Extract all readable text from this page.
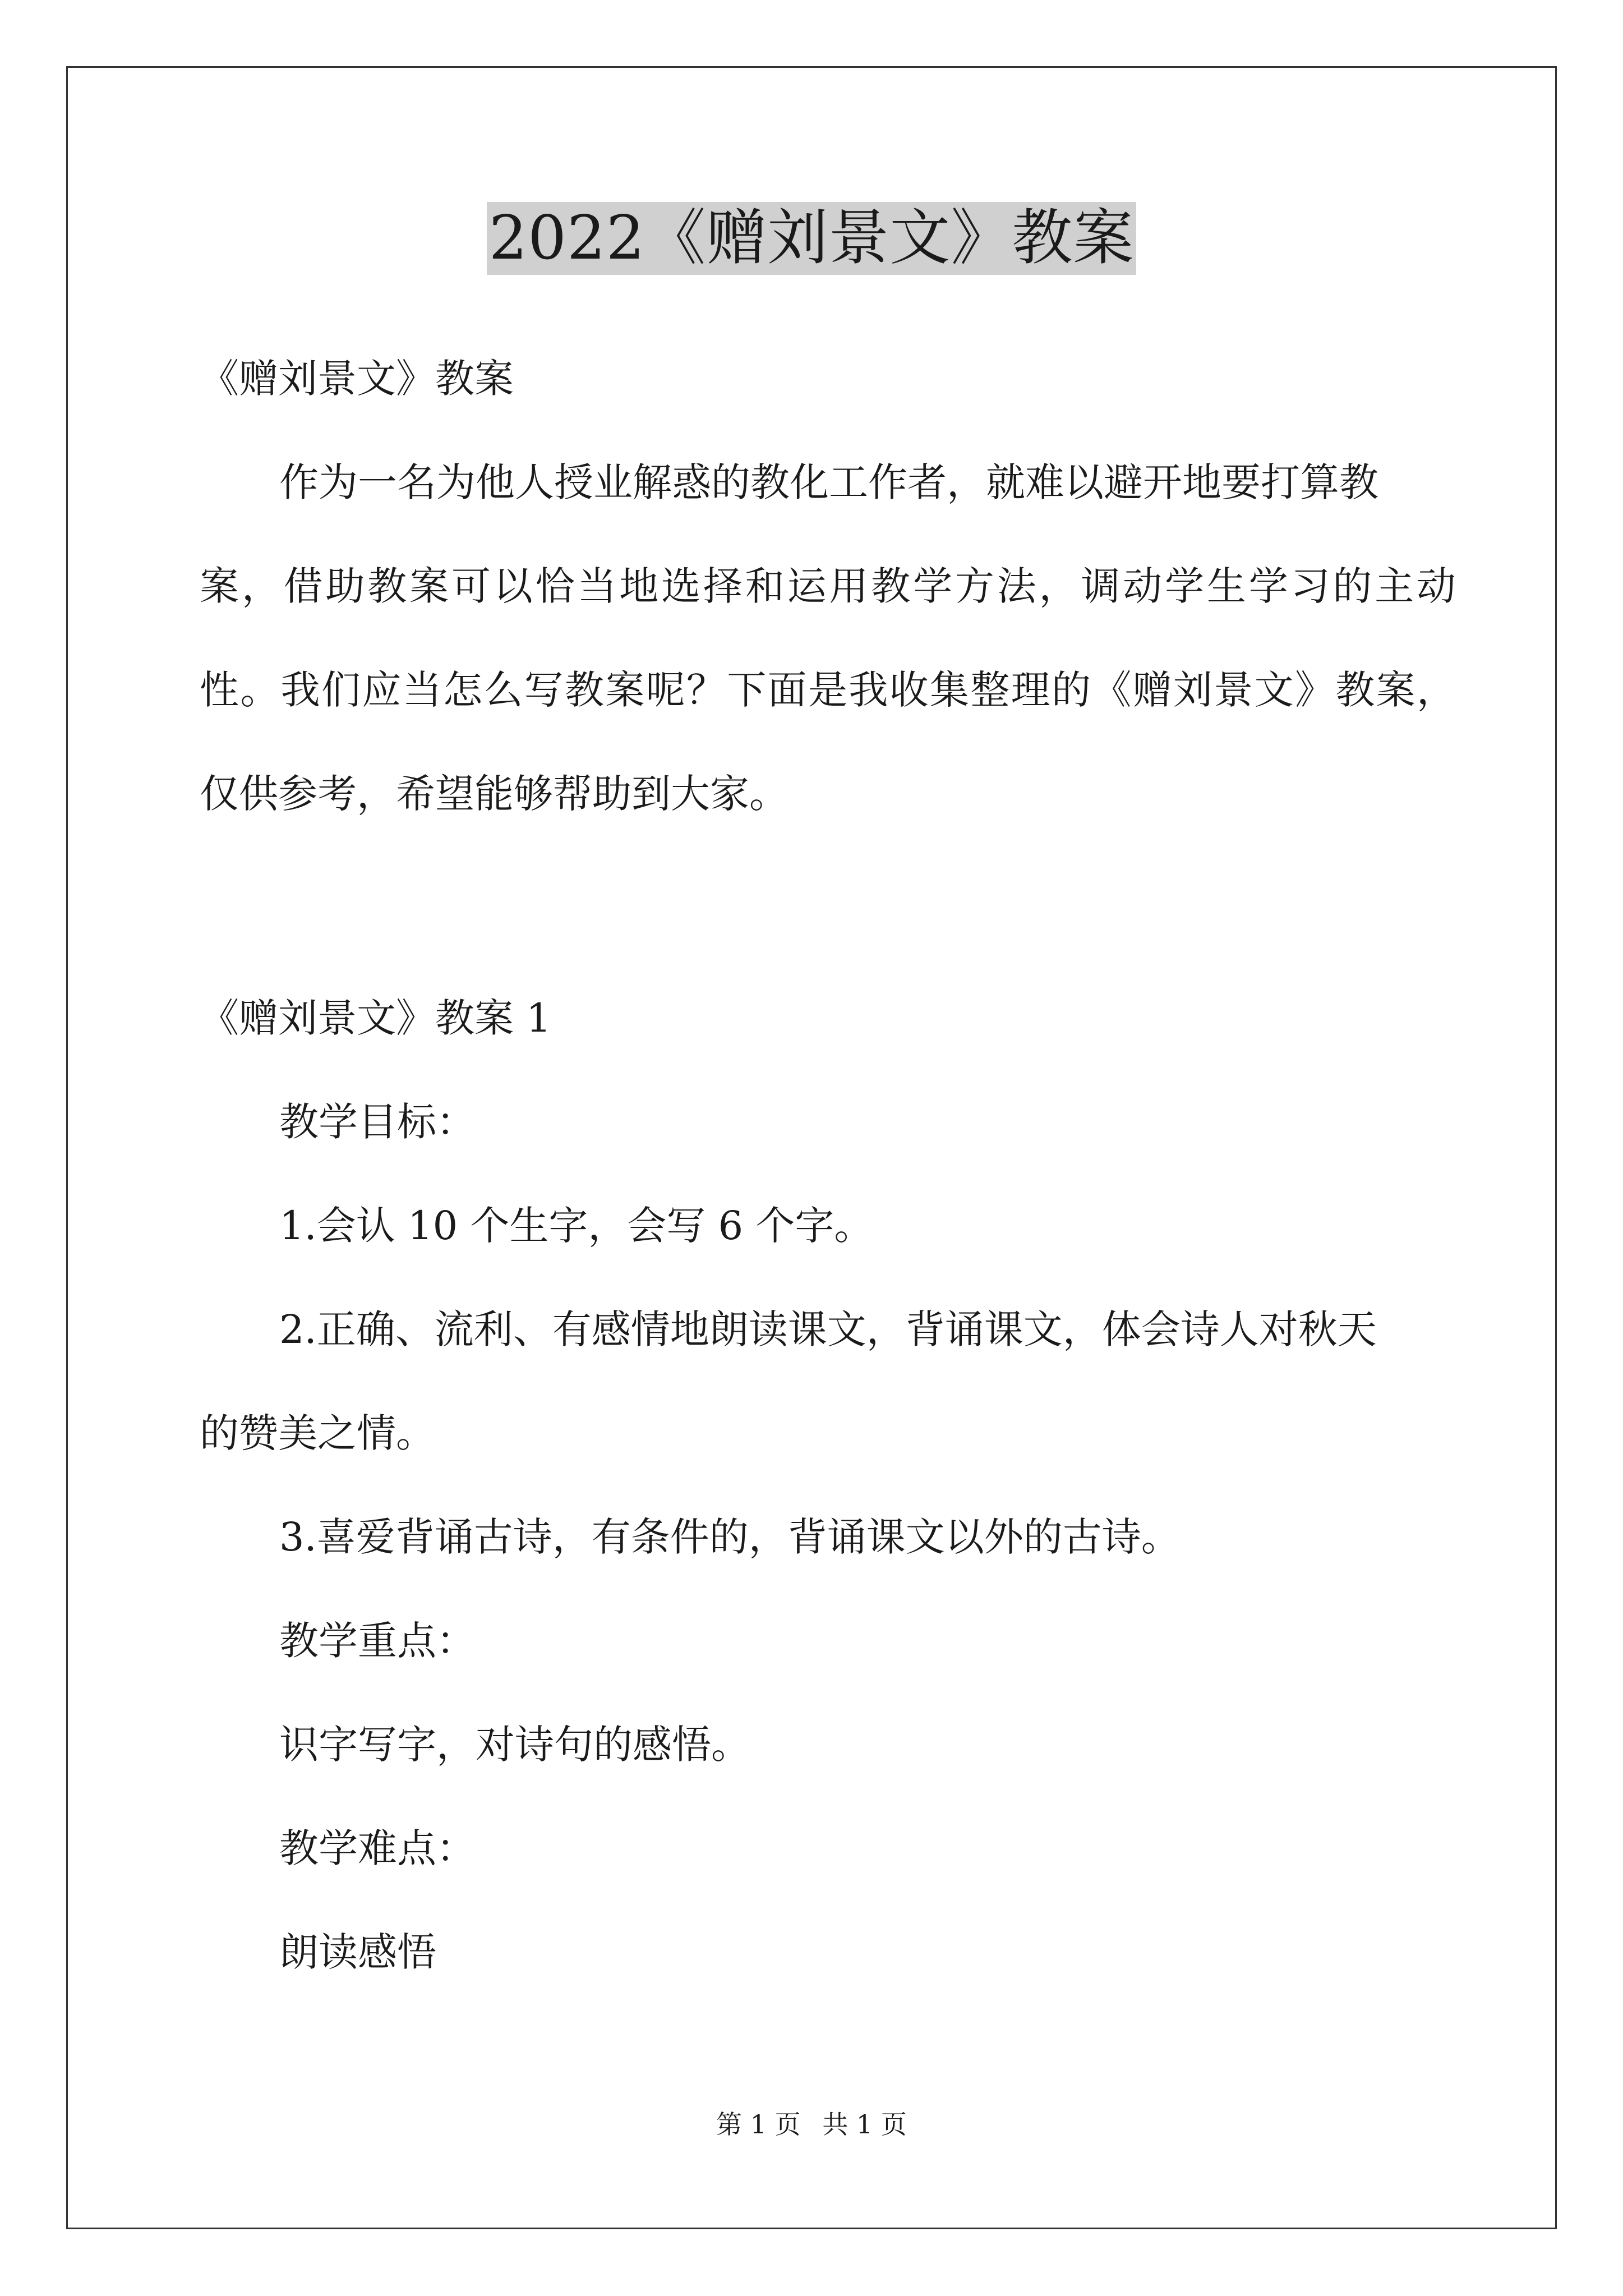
2022《赠刘景文》教案
《赠刘景文》教案
作为一名为他人授业解惑的教化工作者，就难以避开地要打算教
案，借助教案可以恰当地选择和运用教学方法，调动学生学习的主动
性。我们应当怎么写教案呢？下面是我收集整理的《赠刘景文》教案，
仅供参考，希望能够帮助到大家。
《赠刘景文》教案 1
教学目标：
1.会认 10 个生字，会写 6 个字。
2.正确、流利、有感情地朗读课文，背诵课文，体会诗人对秋天
的赞美之情。
3.喜爱背诵古诗，有条件的，背诵课文以外的古诗。
教学重点：
识字写字，对诗句的感悟。
教学难点：
朗读感悟
第 1 页 共 1 页
